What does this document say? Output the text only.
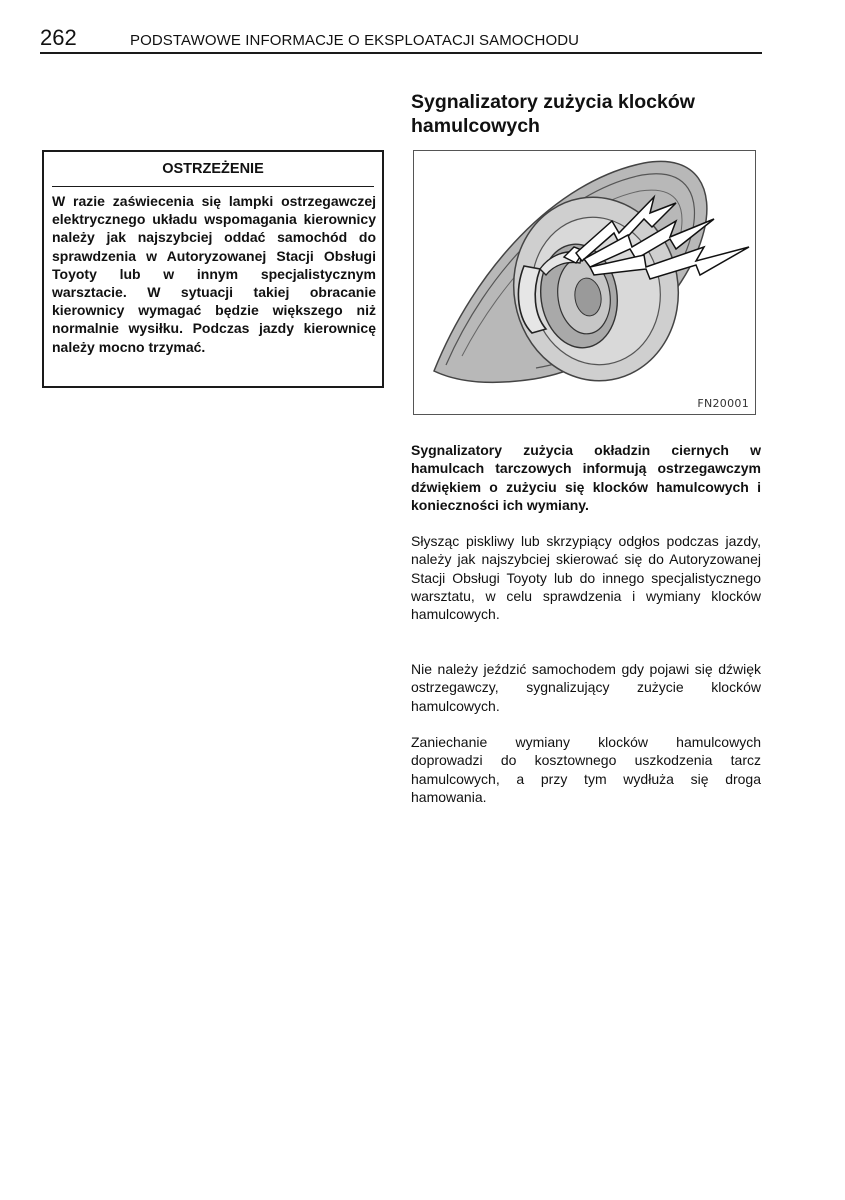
262	PODSTAWOWE INFORMACJE O EKSPLOATACJI SAMOCHODU
OSTRZEŻENIE

W razie zaświecenia się lampki ostrzegawczej elektrycznego układu wspomagania kierownicy należy jak najszybciej oddać samochód do sprawdzenia w Autoryzowanej Stacji Obsługi Toyoty lub w innym specjalistycznym warsztacie. W sytuacji takiej obracanie kierownicy wymagać będzie większego niż normalnie wysiłku. Podczas jazdy kierownicę należy mocno trzymać.

Sygnalizatory zużycia klocków hamulcowych
FN20001

Sygnalizatory zużycia okładzin ciernych w hamulcach tarczowych informują ostrzegawczym dźwiękiem o zużyciu się klocków hamulcowych i konieczności ich wymiany.

Słysząc piskliwy lub skrzypiący odgłos podczas jazdy, należy jak najszybciej skierować się do Autoryzowanej Stacji Obsługi Toyoty lub do innego specjalistycznego warsztatu, w celu sprawdzenia i wymiany klocków hamulcowych.

Nie należy jeździć samochodem gdy pojawi się dźwięk ostrzegawczy, sygnalizujący zużycie klocków hamulcowych.

Zaniechanie wymiany klocków hamulcowych doprowadzi do kosztownego uszkodzenia tarcz hamulcowych, a przy tym wydłuża się droga hamowania.
